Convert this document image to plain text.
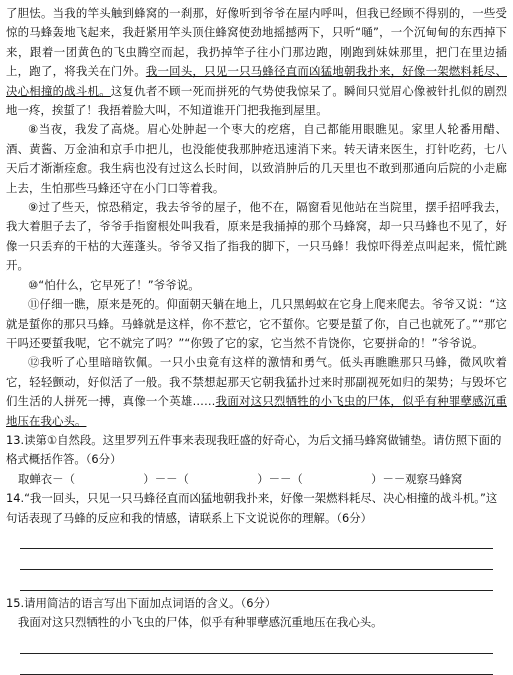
了胆怯。当我的竿头触到蜂窝的一刹那，好像听到爷爷在屋内呼叫，但我已经顾不得别的，一些受惊的马蜂轰地飞起来，我赶紧用竿头顶住蜂窝使劲地摇撼两下，只听“嗵”，一个沉甸甸的东西掉下来，跟着一团黄色的飞虫腾空而起，我扔掉竿子往小门那边跑，刚跑到妹妹那里，把门在里边插上，跑了，将我关在门外。我一回头，只见一只马蜂径直而凶猛地朝我扑来，好像一架燃料耗尽、决心相撞的战斗机。这复仇者不顾一死而拼死的气势使我惊呆了。瞬间只觉眉心像被针扎似的剧烈地一疼，挨蜇了！我捂着脸大叫，不知道谁开门把我拖到屋里。

⑧当夜，我发了高烧。眉心处肿起一个枣大的疙瘩，自己都能用眼瞧见。家里人轮番用醋、酒、黄酱、万金油和京手巾把儿，也没能使我那肿疮迅速消下来。转天请来医生，打针吃药，七八天后才渐渐痊愈。我生病也没有过这么长时间，以致消肿后的几天里也不敢到那通向后院的小走廊上去，生怕那些马蜂还守在小门口等着我。

⑨过了些天，惊恐稍定，我去爷爷的屋子，他不在，隔窗看见他站在当院里，摆手招呼我去，我大着胆子去了，爷爷手指窗根处叫我看，原来是我捅掉的那个马蜂窝，却一只马蜂也不见了，好像一只丢弃的干枯的大莲蓬头。爷爷又指了指我的脚下，一只马蜂！我惊吓得差点叫起来，慌忙跳开。

⑩“怕什么，它早死了！”爷爷说。

⑪仔细一瞧，原来是死的。仰面朝天躺在地上，几只黑蚂蚁在它身上爬来爬去。爷爷又说：“这就是蜇你的那只马蜂。马蜂就是这样，你不惹它，它不蜇你。它要是蜇了你，自己也就死了。”“那它干吗还要蜇我呢，它不就完了吗？”“你毁了它的家，它当然不肯饶你，它要拼命的！”爷爷说。

⑫我听了心里暗暗钦佩。一只小虫竟有这样的激情和勇气。低头再瞧瞧那只马蜂，微风吹着它，轻轻颤动，好似活了一般。我不禁想起那天它朝我猛扑过来时那副视死如归的架势；与毁坏它们生活的人拼死一搏，真像一个英雄……我面对这只烈牺牲的小飞虫的尸体，似乎有种罪孽感沉重地压在我心头。

13.读第①自然段。这里罗列五件事来表现我旺盛的好奇心，为后文捅马蜂窝做铺垫。请仿照下面的格式概括作答。（6分）

取蝉衣－（　　　　　　）－－（　　　　　　）－－（　　　　　　）－－观察马蜂窝

14.“我一回头，只见一只马蜂径直而凶猛地朝我扑来，好像一架燃料耗尽、决心相撞的战斗机。”这句话表现了马蜂的反应和我的情感，请联系上下文说说你的理解。（6分）

15.请用简洁的语言写出下面加点词语的含义。（6分）

我面对这只烈牺牲的小飞虫的尸体，似乎有种罪孽感沉重地压在我心头。
